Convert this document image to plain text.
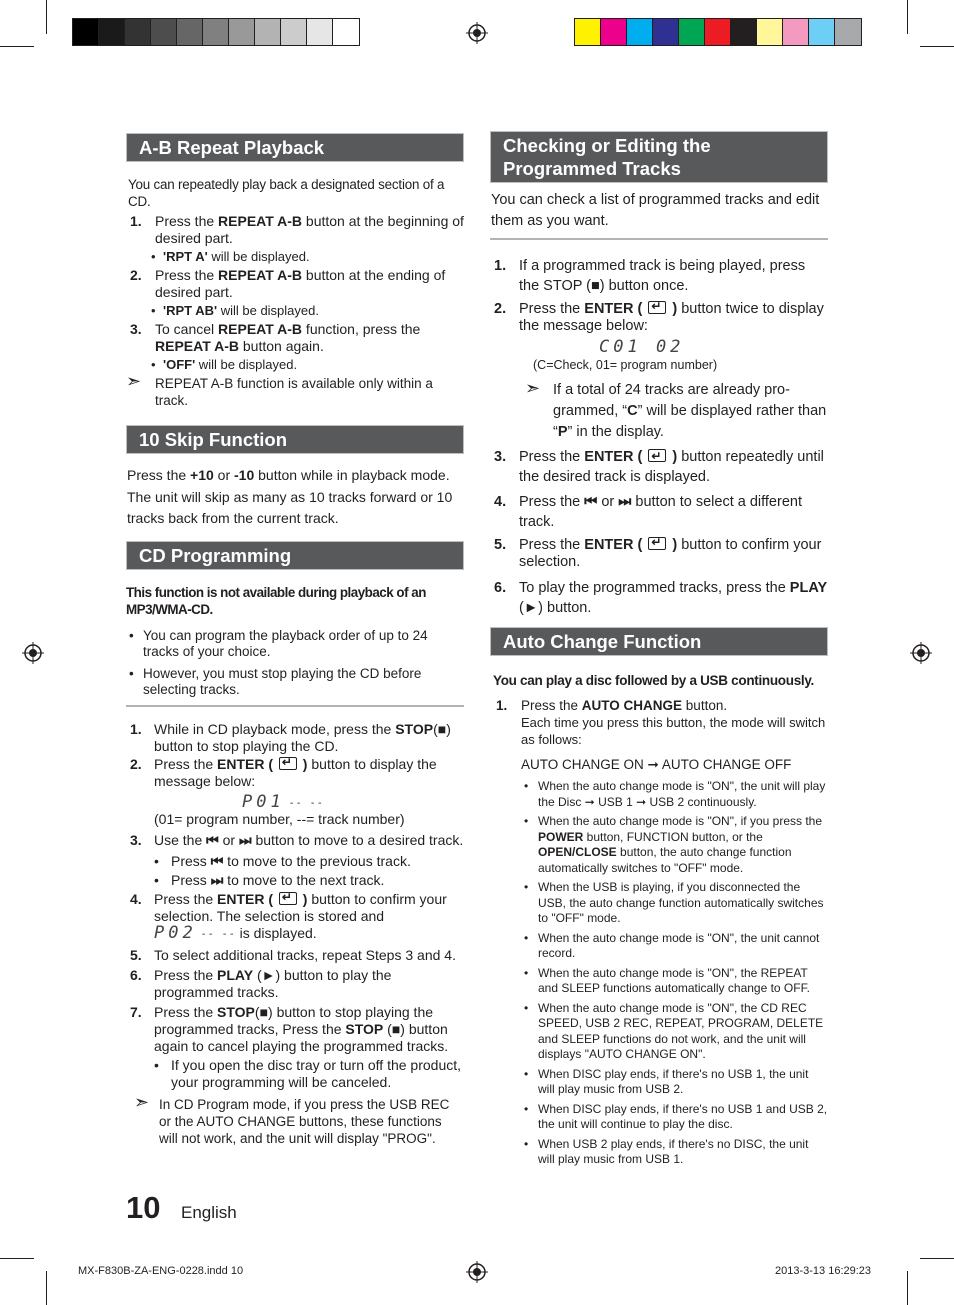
A-B Repeat Playback

You can repeatedly play back a designated section of a CD.

1. Press the REPEAT A-B button at the beginning of desired part.
• 'RPT A' will be displayed.
2. Press the REPEAT A-B button at the ending of desired part.
• 'RPT AB' will be displayed.
3. To cancel REPEAT A-B function, press the REPEAT A-B button again.
• 'OFF' will be displayed.
➣ REPEAT A-B function is available only within a track.
10 Skip Function

Press the +10 or -10 button while in playback mode. The unit will skip as many as 10 tracks forward or 10 tracks back from the current track.

CD Programming

This function is not available during playback of an MP3/WMA-CD.

• You can program the playback order of up to 24 tracks of your choice.
• However, you must stop playing the CD before selecting tracks.
1. While in CD playback mode, press the STOP(■) button to stop playing the CD.
2. Press the ENTER ( ↵ ) button to display the message below:
P01 -- --
(01= program number, --= track number)
3. Use the ⏮ or ⏭ button to move to a desired track.
• Press ⏮ to move to the previous track.
• Press ⏭ to move to the next track.
4. Press the ENTER ( ↵ ) button to confirm your selection. The selection is stored and
P02 -- -- is displayed.
5. To select additional tracks, repeat Steps 3 and 4.
6. Press the PLAY (►) button to play the programmed tracks.
7. Press the STOP(■) button to stop playing the programmed tracks, Press the STOP (■) button again to cancel playing the programmed tracks.
• If you open the disc tray or turn off the product, your programming will be canceled.
➣ In CD Program mode, if you press the USB REC or the AUTO CHANGE buttons, these functions will not work, and the unit will display "PROG".
Checking or Editing the
Programmed Tracks

You can check a list of programmed tracks and edit them as you want.

1. If a programmed track is being played, press the STOP (■) button once.
2. Press the ENTER ( ↵ ) button twice to display the message below:
C01 02
(C=Check, 01= program number)
➣ If a total of 24 tracks are already pro-grammed, “C” will be displayed rather than “P” in the display.
3. Press the ENTER ( ↵ ) button repeatedly until the desired track is displayed.
4. Press the ⏮ or ⏭ button to select a different track.
5. Press the ENTER ( ↵ ) button to confirm your selection.
6. To play the programmed tracks, press the PLAY (►) button.
Auto Change Function

You can play a disc followed by a USB continuously.

1. Press the AUTO CHANGE button.
Each time you press this button, the mode will switch as follows:
AUTO CHANGE ON ➞ AUTO CHANGE OFF
• When the auto change mode is "ON", the unit will play the Disc ➞ USB 1 ➞ USB 2 continuously.
• When the auto change mode is "ON", if you press the POWER button, FUNCTION button, or the OPEN/CLOSE button, the auto change function automatically switches to "OFF" mode.
• When the USB is playing, if you disconnected the USB, the auto change function automatically switches to "OFF" mode.
• When the auto change mode is "ON", the unit cannot record.
• When the auto change mode is "ON", the REPEAT and SLEEP functions automatically change to OFF.
• When the auto change mode is "ON", the CD REC SPEED, USB 2 REC, REPEAT, PROGRAM, DELETE and SLEEP functions do not work, and the unit will displays "AUTO CHANGE ON".
• When DISC play ends, if there's no USB 1, the unit will play music from USB 2.
• When DISC play ends, if there's no USB 1 and USB 2, the unit will continue to play the disc.
• When USB 2 play ends, if there's no DISC, the unit will play music from USB 1.
10 English
MX-F830B-ZA-ENG-0228.indd 10	2013-3-13 16:29:23
